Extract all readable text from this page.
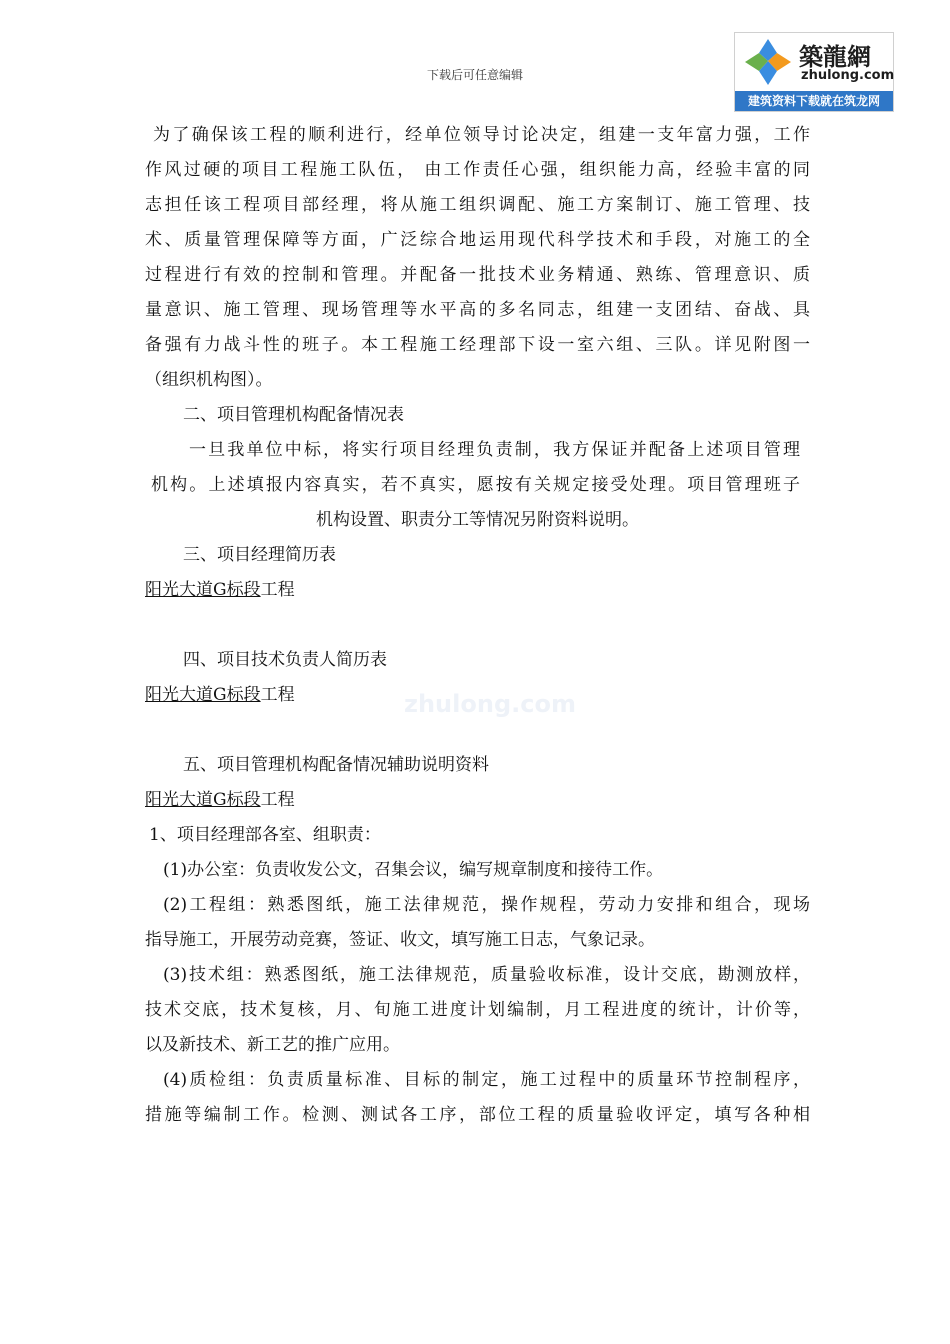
下载后可任意编辑
築龍網
zhulong.com
建筑资料下载就在筑龙网
zhulong.com
为了确保该工程的顺利进行，经单位领导讨论决定，组建一支年富力强，工作
作风过硬的项目工程施工队伍， 由工作责任心强，组织能力高，经验丰富的同
志担任该工程项目部经理，将从施工组织调配、施工方案制订、施工管理、技
术、质量管理保障等方面，广泛综合地运用现代科学技术和手段，对施工的全
过程进行有效的控制和管理。并配备一批技术业务精通、熟练、管理意识、质
量意识、施工管理、现场管理等水平高的多名同志，组建一支团结、奋战、具
备强有力战斗性的班子。本工程施工经理部下设一室六组、三队。详见附图一
（组织机构图）。
二、项目管理机构配备情况表
一旦我单位中标，将实行项目经理负责制，我方保证并配备上述项目管理
机构。上述填报内容真实，若不真实，愿按有关规定接受处理。项目管理班子
机构设置、职责分工等情况另附资料说明。
三、项目经理简历表
阳光大道G标段工程
四、项目技术负责人简历表
阳光大道G标段工程
五、项目管理机构配备情况辅助说明资料
阳光大道G标段工程
1、项目经理部各室、组职责：
(1)办公室：负责收发公文，召集会议，编写规章制度和接待工作。
(2)工程组：熟悉图纸，施工法律规范，操作规程，劳动力安排和组合，现场
指导施工，开展劳动竞赛，签证、收文，填写施工日志，气象记录。
(3)技术组：熟悉图纸，施工法律规范，质量验收标准，设计交底，勘测放样，
技术交底，技术复核，月、旬施工进度计划编制，月工程进度的统计，计价等，
以及新技术、新工艺的推广应用。
(4)质检组：负责质量标准、目标的制定，施工过程中的质量环节控制程序，
措施等编制工作。检测、测试各工序，部位工程的质量验收评定，填写各种相
